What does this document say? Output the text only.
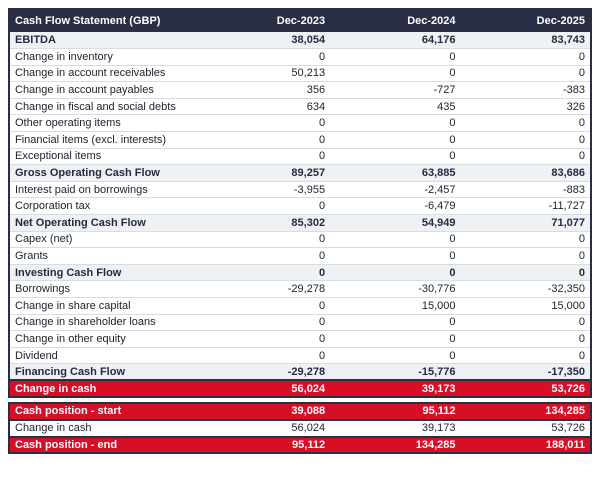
Cash Flow Statement (GBP)	Dec-2023	Dec-2024	Dec-2025
EBITDA	38,054	64,176	83,743
Change in inventory	0	0	0
Change in account receivables	50,213	0	0
Change in account payables	356	-727	-383
Change in fiscal and social debts	634	435	326
Other operating items	0	0	0
Financial items (excl. interests)	0	0	0
Exceptional items	0	0	0
Gross Operating Cash Flow	89,257	63,885	83,686
Interest paid on borrowings	-3,955	-2,457	-883
Corporation tax	0	-6,479	-11,727
Net Operating Cash Flow	85,302	54,949	71,077
Capex (net)	0	0	0
Grants	0	0	0
Investing Cash Flow	0	0	0
Borrowings	-29,278	-30,776	-32,350
Change in share capital	0	15,000	15,000
Change in shareholder loans	0	0	0
Change in other equity	0	0	0
Dividend	0	0	0
Financing Cash Flow	-29,278	-15,776	-17,350
Change in cash	56,024	39,173	53,726
Cash position - start	39,088	95,112	134,285
Change in cash	56,024	39,173	53,726
Cash position - end	95,112	134,285	188,011
